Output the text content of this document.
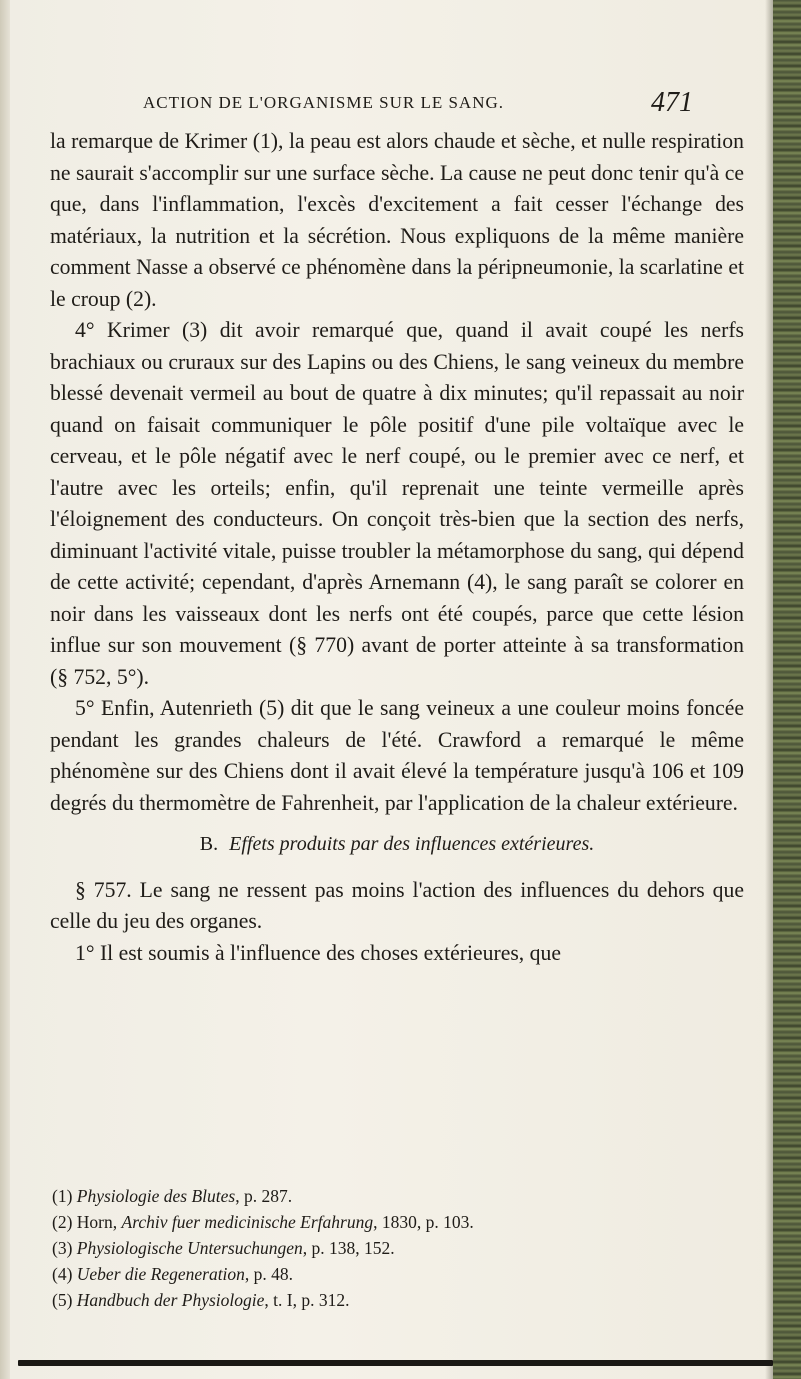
ACTION DE L'ORGANISME SUR LE SANG.	471

la remarque de Krimer (1), la peau est alors chaude et sèche, et nulle respiration ne saurait s'accomplir sur une surface sèche. La cause ne peut donc tenir qu'à ce que, dans l'inflammation, l'excès d'excitement a fait cesser l'échange des matériaux, la nutrition et la sécrétion. Nous expliquons de la même manière comment Nasse a observé ce phénomène dans la péripneumonie, la scarlatine et le croup (2).

4° Krimer (3) dit avoir remarqué que, quand il avait coupé les nerfs brachiaux ou cruraux sur des Lapins ou des Chiens, le sang veineux du membre blessé devenait vermeil au bout de quatre à dix minutes; qu'il repassait au noir quand on faisait communiquer le pôle positif d'une pile voltaïque avec le cerveau, et le pôle négatif avec le nerf coupé, ou le premier avec ce nerf, et l'autre avec les orteils; enfin, qu'il reprenait une teinte vermeille après l'éloignement des conducteurs. On conçoit très-bien que la section des nerfs, diminuant l'activité vitale, puisse troubler la métamorphose du sang, qui dépend de cette activité; cependant, d'après Arnemann (4), le sang paraît se colorer en noir dans les vaisseaux dont les nerfs ont été coupés, parce que cette lésion influe sur son mouvement (§ 770) avant de porter atteinte à sa transformation (§ 752, 5°).

5° Enfin, Autenrieth (5) dit que le sang veineux a une couleur moins foncée pendant les grandes chaleurs de l'été. Crawford a remarqué le même phénomène sur des Chiens dont il avait élevé la température jusqu'à 106 et 109 degrés du thermomètre de Fahrenheit, par l'application de la chaleur extérieure.

B. Effets produits par des influences extérieures.

§ 757. Le sang ne ressent pas moins l'action des influences du dehors que celle du jeu des organes.

1° Il est soumis à l'influence des choses extérieures, que

(1) Physiologie des Blutes, p. 287.

(2) Horn, Archiv fuer medicinische Erfahrung, 1830, p. 103.

(3) Physiologische Untersuchungen, p. 138, 152.

(4) Ueber die Regeneration, p. 48.

(5) Handbuch der Physiologie, t. I, p. 312.
